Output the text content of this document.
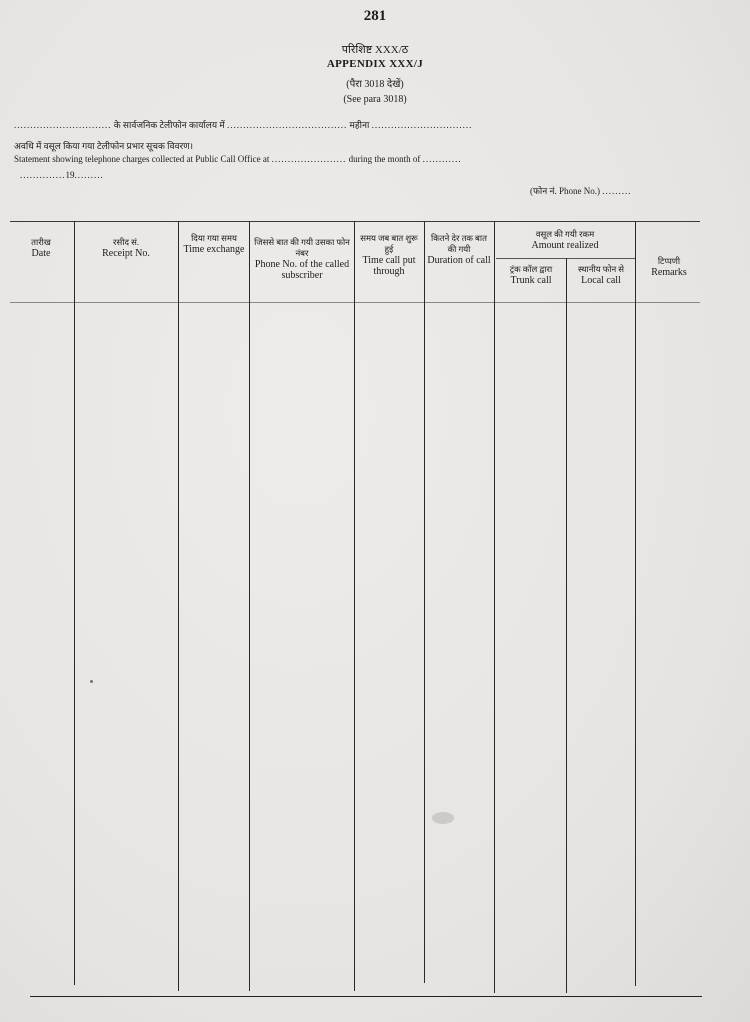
281
परिशिष्ट XXX/ठ
APPENDIX XXX/J
(पैरा 3018 देखें)
(See para 3018)
.............................. के सार्वजनिक टेलीफोन कार्यालय में ..................................... महीना ...............................
अवधि में वसूल किया गया टेलीफोन प्रभार सूचक विवरण।
Statement showing telephone charges collected at Public Call Office at ....................... during the month of ............
..............19.........
(फोन नं. Phone No.) .........
तारीख
Date
रसीद सं.
Receipt No.
दिया गया समय
Time exchange
जिससे बात की गयी उसका फोन नंबर
Phone No. of the called subscriber
समय जब बात शुरू हुई
Time call put through
कितने देर तक बात की गयी
Duration of call
वसूल की गयी रकम
Amount realized
ट्रंक कॉल द्वारा
Trunk call
स्थानीय फोन से
Local call
टिप्पणी
Remarks
